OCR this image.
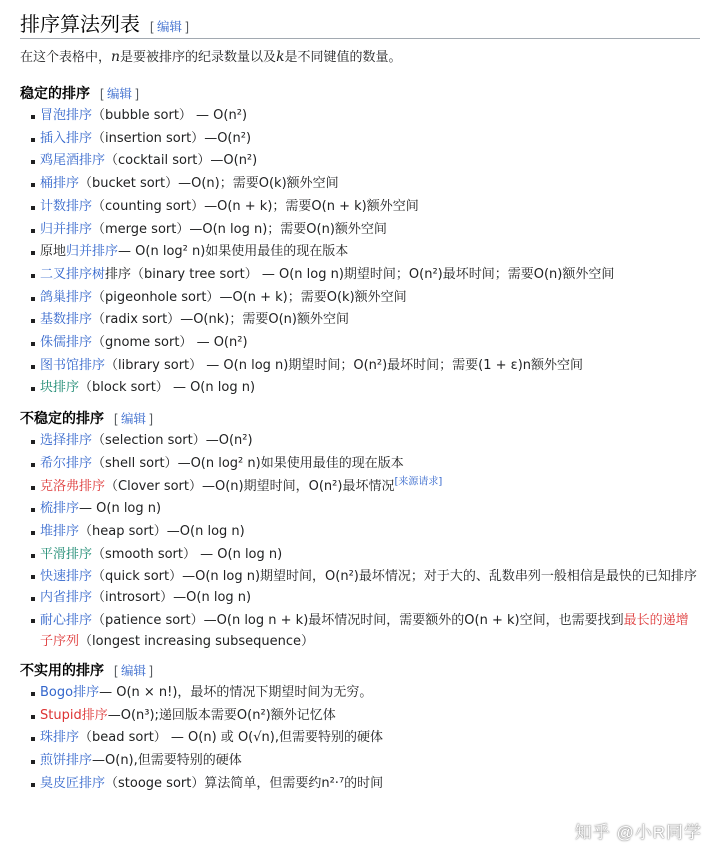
排序算法列表 [ 编辑 ]

在这个表格中，n是要被排序的纪录数量以及k是不同键值的数量。

稳定的排序 [ 编辑 ]
冒泡排序（bubble sort） — O(n²)
插入排序（insertion sort）—O(n²)
鸡尾酒排序（cocktail sort）—O(n²)
桶排序（bucket sort）—O(n)；需要O(k)额外空间
计数排序（counting sort）—O(n + k)；需要O(n + k)额外空间
归并排序（merge sort）—O(n log n)；需要O(n)额外空间
原地归并排序— O(n log² n)如果使用最佳的现在版本
二叉排序树排序（binary tree sort） — O(n log n)期望时间；O(n²)最坏时间；需要O(n)额外空间
鸽巢排序（pigeonhole sort）—O(n + k)；需要O(k)额外空间
基数排序（radix sort）—O(nk)；需要O(n)额外空间
侏儒排序（gnome sort） — O(n²)
图书馆排序（library sort） — O(n log n)期望时间；O(n²)最坏时间；需要(1 + ε)n额外空间
块排序（block sort） — O(n log n)
不稳定的排序 [ 编辑 ]
选择排序（selection sort）—O(n²)
希尔排序（shell sort）—O(n log² n)如果使用最佳的现在版本
克洛弗排序（Clover sort）—O(n)期望时间，O(n²)最坏情况[来源请求]
梳排序— O(n log n)
堆排序（heap sort）—O(n log n)
平滑排序（smooth sort） — O(n log n)
快速排序（quick sort）—O(n log n)期望时间，O(n²)最坏情况；对于大的、乱数串列一般相信是最快的已知排序
内省排序（introsort）—O(n log n)
耐心排序（patience sort）—O(n log n + k)最坏情况时间，需要额外的O(n + k)空间，也需要找到最长的递增子序列（longest increasing subsequence）
不实用的排序 [ 编辑 ]
Bogo排序— O(n × n!)，最坏的情况下期望时间为无穷。
Stupid排序—O(n³);递回版本需要O(n²)额外记忆体
珠排序（bead sort） — O(n) 或 O(√n),但需要特别的硬体
煎饼排序—O(n),但需要特别的硬体
臭皮匠排序（stooge sort）算法简单，但需要约n²·⁷的时间
知乎 @小R同学
